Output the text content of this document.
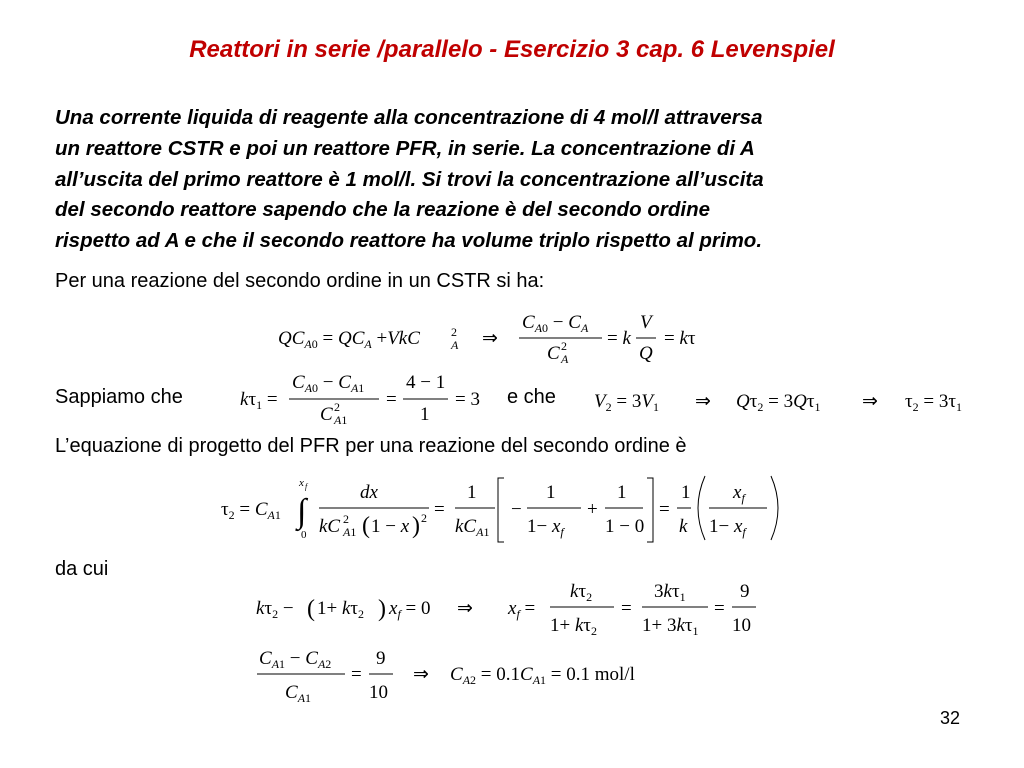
Reattori in serie /parallelo - Esercizio 3 cap. 6 Levenspiel
Una corrente liquida di reagente alla concentrazione di 4 mol/l attraversa
un reattore CSTR e poi un reattore PFR, in serie. La concentrazione di A
all’uscita del primo reattore è 1 mol/l. Si trovi la concentrazione all’uscita
del secondo reattore sapendo che la reazione è del secondo ordine
rispetto ad A e che il secondo reattore ha volume triplo rispetto al primo.
Per una reazione del secondo ordine in un CSTR si ha:
$QC_A0 = QC_A +VkC$	2
A ⇒
$C_A0 - C_A$
C 2
A
= k
V
Q
= kτ
Sappiamo che	$k\tau_1$ =
$C_A0 - C_A1$
C 2
A1
=
4 − 1
1
= 3 e che $V_2 = 3V_1$ ⇒ $Q\tau_2 = 3Q\tau_1$ ⇒ $\tau_2 = 3\tau_1$
L’equazione di progetto del PFR per una reazione del secondo ordine è
$\tau_2 = C_A1$
x f
∫
0
dx
kC 2
A1 ( 1 − x ) 2 =
1
$kC_A1$
−
1
$1- x_f$
+
1
1 − 0
=
1
k
$x_f$
$1- x_f$
da cui
$k\tau_2$ − ( $1+ k\tau_2$ ) $x_f = 0$ ⇒ $x_f$ =
$k\tau_2$
$1+ k\tau_2$
=
$3k\tau_1$
$1+ 3k\tau_1$
=
9
10
$C_A1 - C_A2$
$C_A1$
=
9
10
⇒ $C_A2 = 0.1C_A1 = 0.1$ mol/l
32
